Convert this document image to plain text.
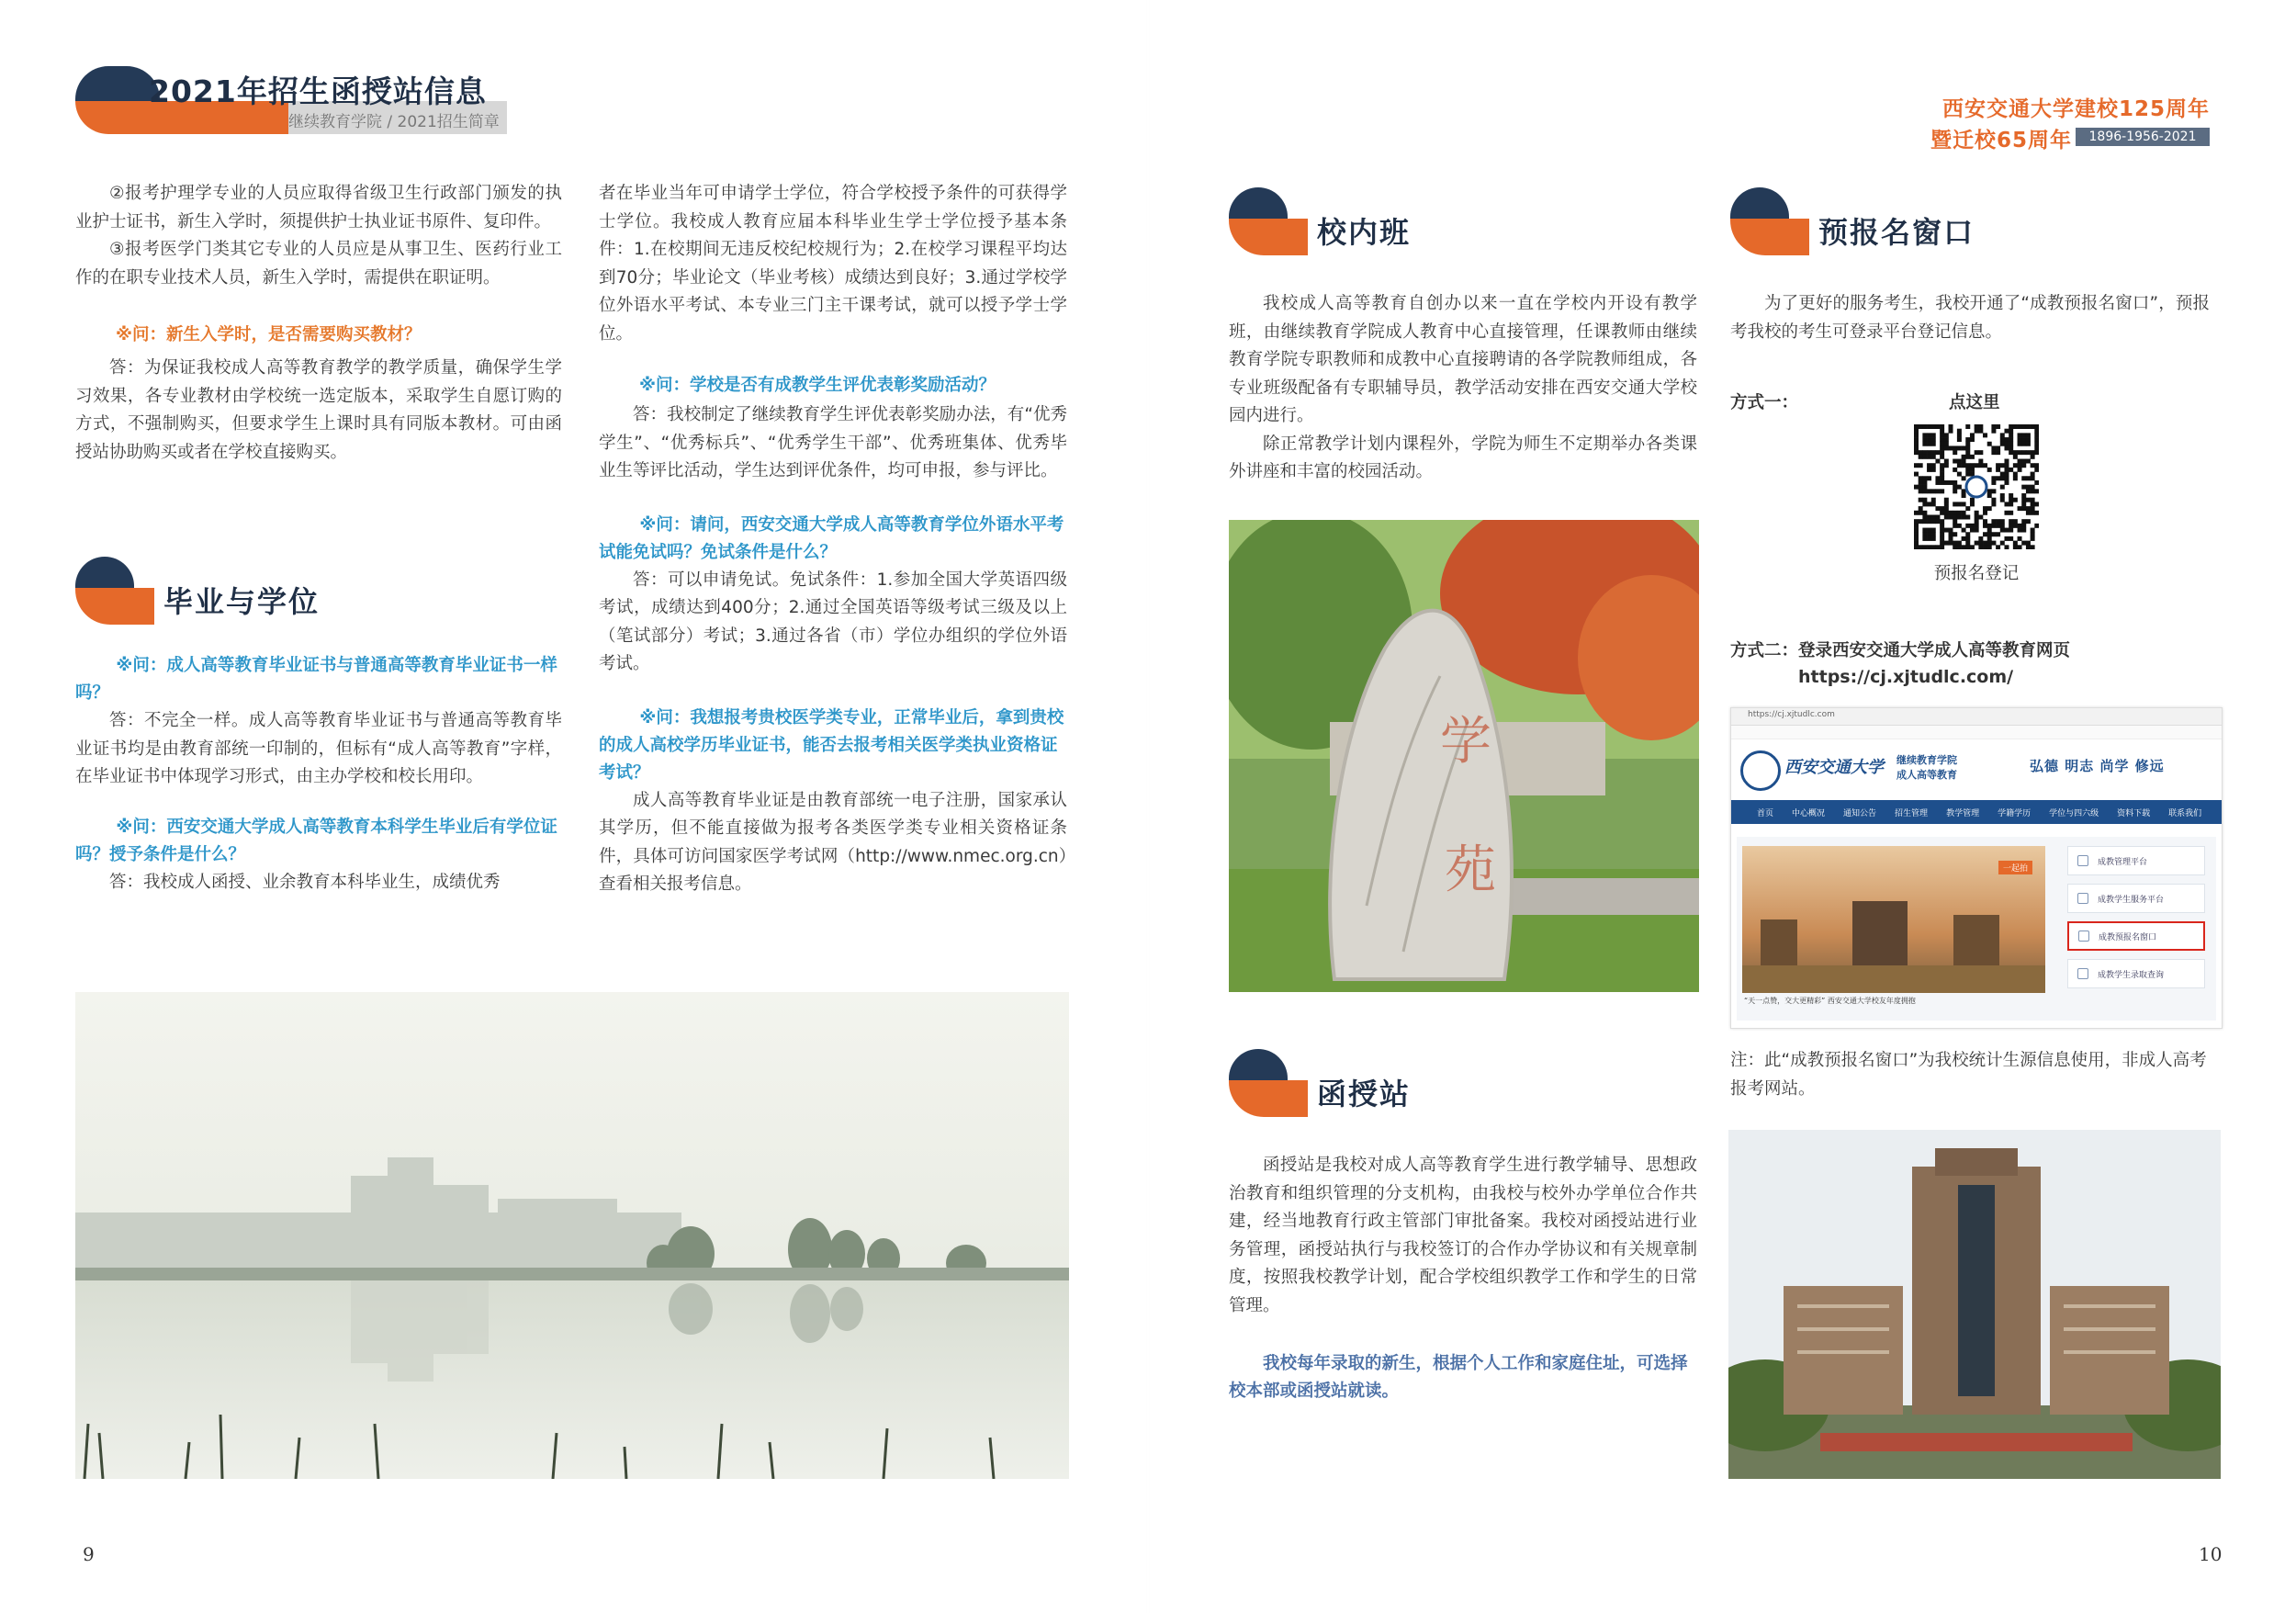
2021年招生函授站信息
继续教育学院 / 2021招生简章

②报考护理学专业的人员应取得省级卫生行政部门颁发的执业护士证书，新生入学时，须提供护士执业证书原件、复印件。

③报考医学门类其它专业的人员应是从事卫生、医药行业工作的在职专业技术人员，新生入学时，需提供在职证明。

※问：新生入学时，是否需要购买教材？

答：为保证我校成人高等教育教学的教学质量，确保学生学习效果，各专业教材由学校统一选定版本，采取学生自愿订购的方式，不强制购买，但要求学生上课时具有同版本教材。可由函授站协助购买或者在学校直接购买。

毕业与学位

※问：成人高等教育毕业证书与普通高等教育毕业证书一样吗？

答：不完全一样。成人高等教育毕业证书与普通高等教育毕业证书均是由教育部统一印制的，但标有“成人高等教育”字样，在毕业证书中体现学习形式，由主办学校和校长用印。

※问：西安交通大学成人高等教育本科学生毕业后有学位证吗？授予条件是什么？

答：我校成人函授、业余教育本科毕业生，成绩优秀

者在毕业当年可申请学士学位，符合学校授予条件的可获得学士学位。我校成人教育应届本科毕业生学士学位授予基本条件：1.在校期间无违反校纪校规行为；2.在校学习课程平均达到70分；毕业论文（毕业考核）成绩达到良好；3.通过学校学位外语水平考试、本专业三门主干课考试，就可以授予学士学位。

※问：学校是否有成教学生评优表彰奖励活动？

答：我校制定了继续教育学生评优表彰奖励办法，有“优秀学生”、“优秀标兵”、“优秀学生干部”、优秀班集体、优秀毕业生等评比活动，学生达到评优条件，均可申报，参与评比。

※问：请问，西安交通大学成人高等教育学位外语水平考试能免试吗？免试条件是什么？

答：可以申请免试。免试条件：1.参加全国大学英语四级考试，成绩达到400分；2.通过全国英语等级考试三级及以上（笔试部分）考试；3.通过各省（市）学位办组织的学位外语考试。

※问：我想报考贵校医学类专业，正常毕业后，拿到贵校的成人高校学历毕业证书，能否去报考相关医学类执业资格证考试？

成人高等教育毕业证是由教育部统一电子注册，国家承认其学历，但不能直接做为报考各类医学类专业相关资格证条件，具体可访问国家医学考试网（http://www.nmec.org.cn）查看相关报考信息。

9
西安交通大学建校125周年
暨迁校65周年	1896-1956-2021
校内班

我校成人高等教育自创办以来一直在学校内开设有教学班，由继续教育学院成人教育中心直接管理，任课教师由继续教育学院专职教师和成教中心直接聘请的各学院教师组成，各专业班级配备有专职辅导员，教学活动安排在西安交通大学校园内进行。

除正常教学计划内课程外，学院为师生不定期举办各类课外讲座和丰富的校园活动。

学
苑
函授站

函授站是我校对成人高等教育学生进行教学辅导、思想政治教育和组织管理的分支机构，由我校与校外办学单位合作共建，经当地教育行政主管部门审批备案。我校对函授站进行业务管理，函授站执行与我校签订的合作办学协议和有关规章制度，按照我校教学计划，配合学校组织教学工作和学生的日常管理。

我校每年录取的新生，根据个人工作和家庭住址，可选择校本部或函授站就读。
预报名窗口

为了更好的服务考生，我校开通了“成教预报名窗口”，预报考我校的考生可登录平台登记信息。

方式一：	点这里
预报名登记
方式二：登录西安交通大学成人高等教育网页
https://cj.xjtudlc.com/
https://cj.xjtudlc.com
西安交通大学 继续教育学院
成人高等教育
弘德 明志 尚学 修远
首页 中心概况 通知公告 招生管理 教学管理 学籍学历 学位与四六级 资料下载 联系我们
一起拍
“天一点赞，交大更精彩” 西安交通大学校友年度拥抱
成教管理平台
成教学生服务平台
成教预报名窗口
成教学生录取查询
注：此“成教预报名窗口”为我校统计生源信息使用，非成人高考报考网站。
10
